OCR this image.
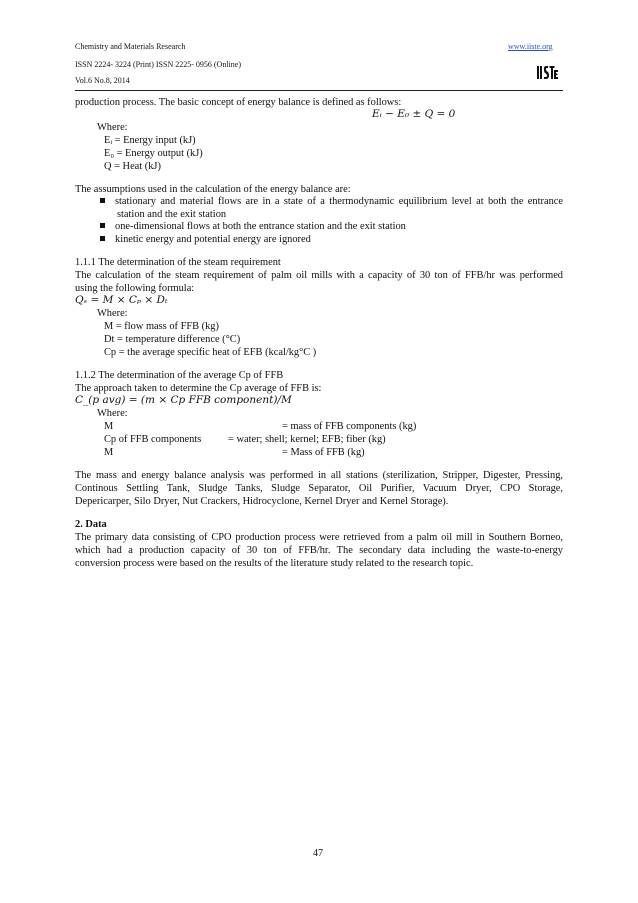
Chemistry and Materials Research	www.iiste.org
ISSN 2224- 3224 (Print) ISSN 2225- 0956 (Online)
Vol.6 No.8, 2014
production process. The basic concept of energy balance is defined as follows:
Eᵢ − E₀ ± Q = 0
Where:
Eᵢ = Energy input (kJ)
E₀ = Energy output (kJ)
Q = Heat (kJ)
The assumptions used in the calculation of the energy balance are:
stationary and material flows are in a state of a thermodynamic equilibrium level at both the entrance
station and the exit station
one-dimensional flows at both the entrance station and the exit station
kinetic energy and potential energy are ignored
1.1.1 The determination of the steam requirement
The calculation of the steam requirement of palm oil mills with a capacity of 30 ton of FFB/hr was performed
using the following formula:
Qₛ = M × Cₚ × Dₜ
Where:
M = flow mass of FFB (kg)
Dt = temperature difference (°C)
Cp = the average specific heat of EFB (kcal/kg°C )
1.1.2 The determination of the average Cp of FFB
The approach taken to determine the Cp average of FFB is:
C_(p avg) = (m × Cp FFB component)/M
Where:
M	= mass of FFB components (kg)
Cp of FFB components	= water; shell; kernel; EFB; fiber (kg)
M	= Mass of FFB (kg)
The mass and energy balance analysis was performed in all stations (sterilization, Stripper, Digester, Pressing,
Continous Settling Tank, Sludge Tanks, Sludge Separator, Oil Purifier, Vacuum Dryer, CPO Storage,
Depericarper, Silo Dryer, Nut Crackers, Hidrocyclone, Kernel Dryer and Kernel Storage).
2. Data
The primary data consisting of CPO production process were retrieved from a palm oil mill in Southern Borneo,
which had a production capacity of 30 ton of FFB/hr. The secondary data including the waste-to-energy
conversion process were based on the results of the literature study related to the research topic.
47
